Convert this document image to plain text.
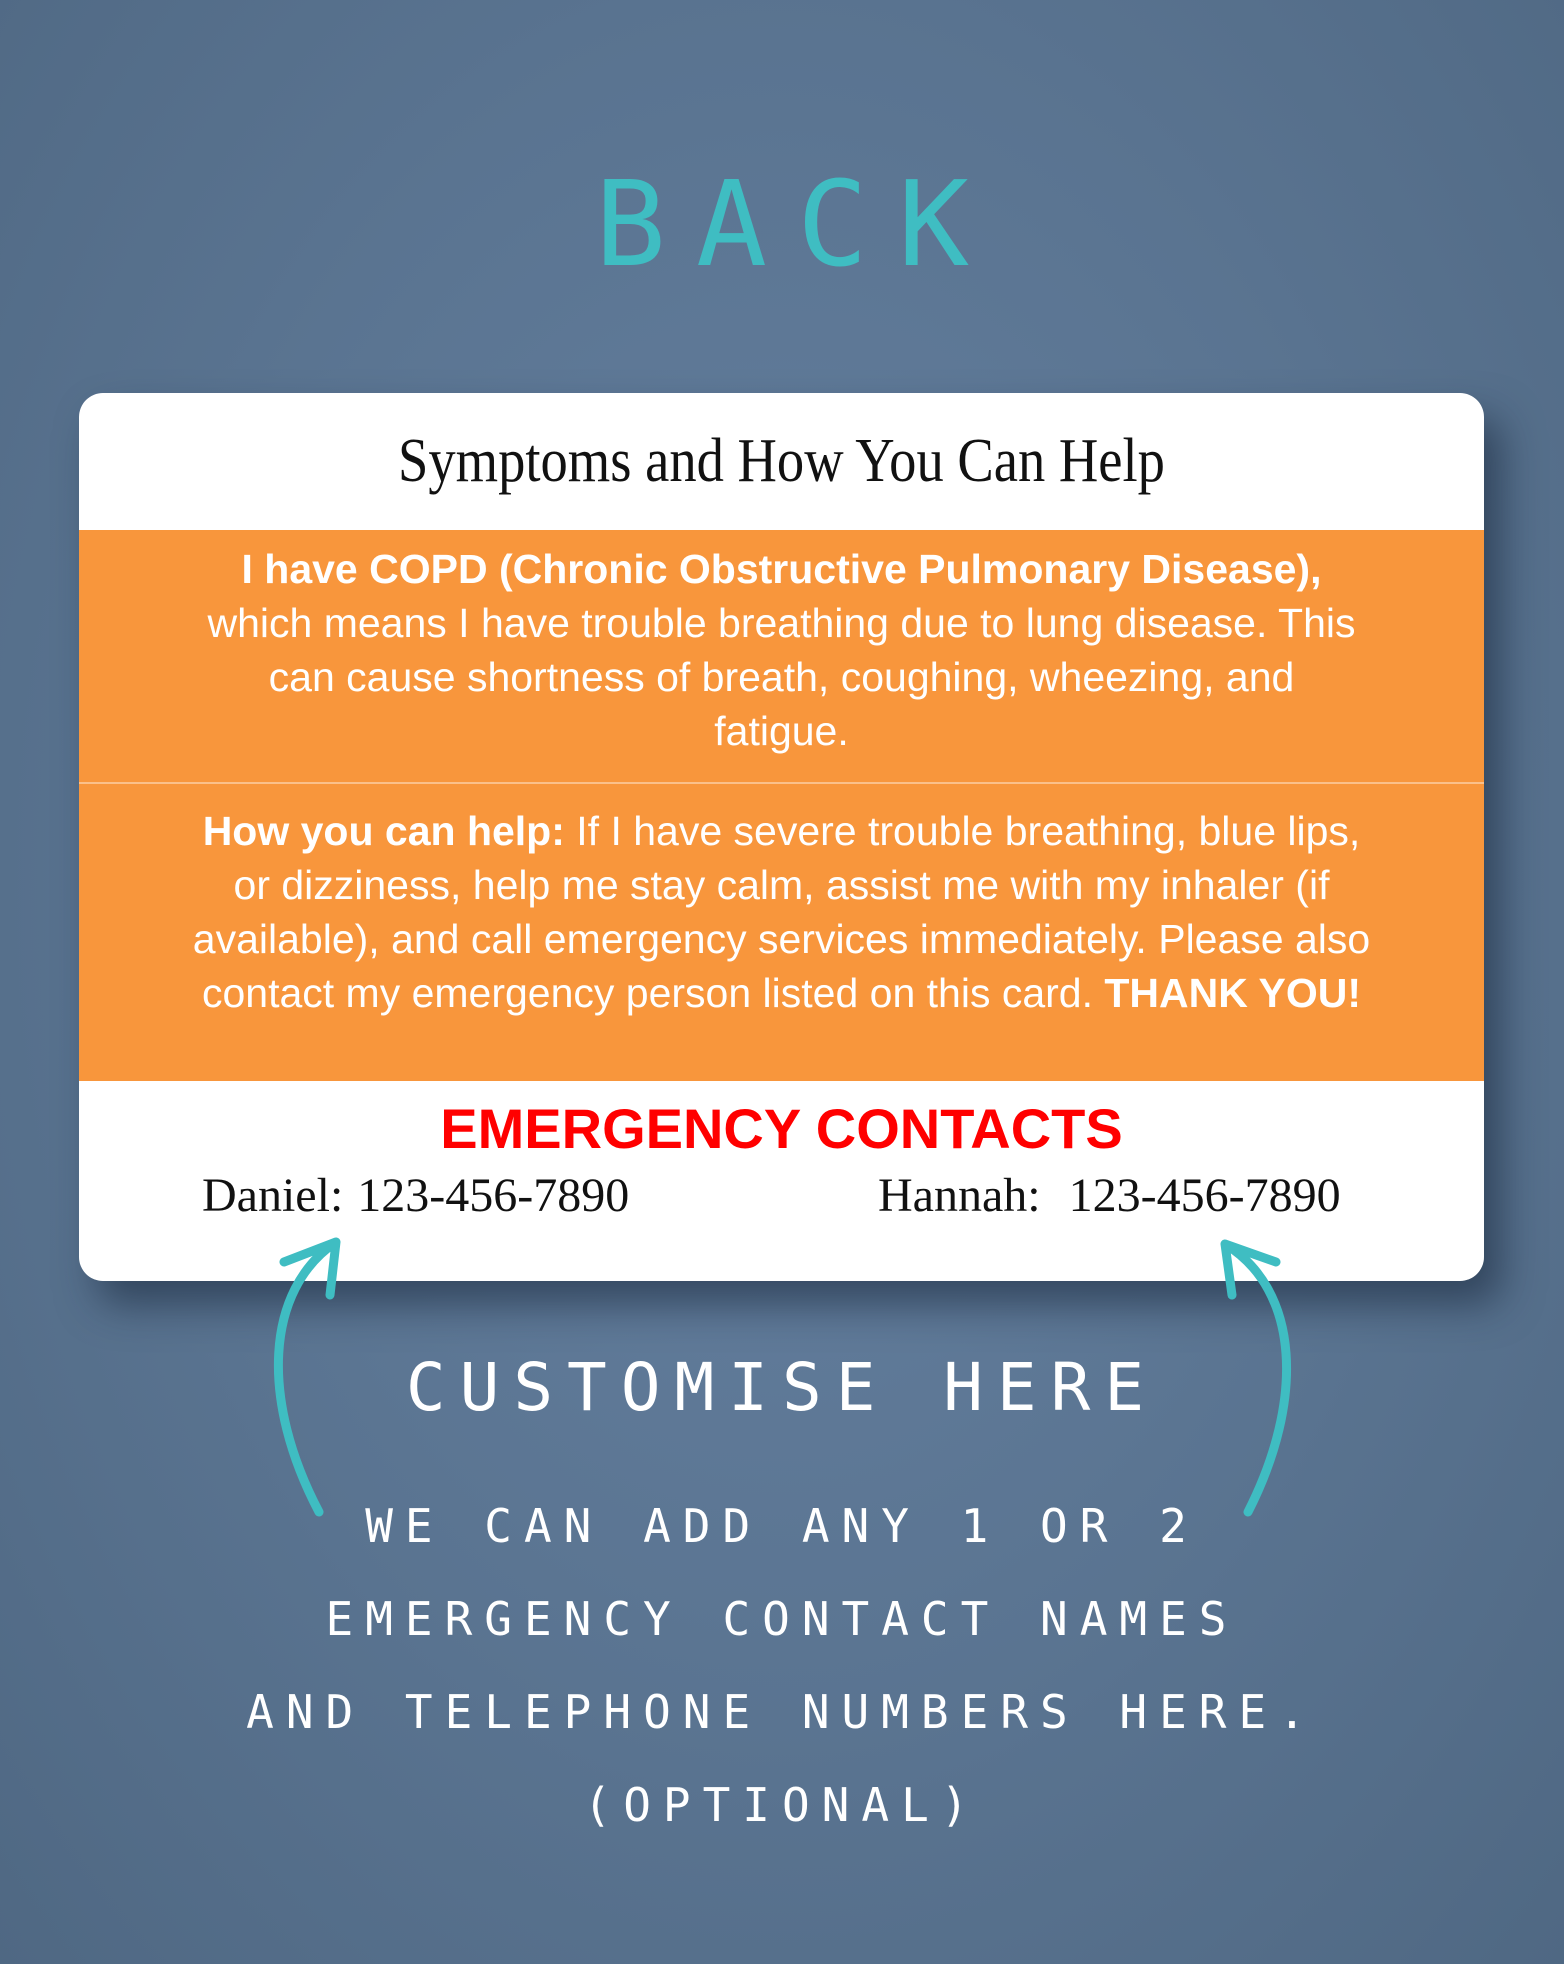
BACK
Symptoms and How You Can Help
I have COPD (Chronic Obstructive Pulmonary Disease), which means I have trouble breathing due to lung disease. This can cause shortness of breath, coughing, wheezing, and fatigue.
How you can help: If I have severe trouble breathing, blue lips, or dizziness, help me stay calm, assist me with my inhaler (if available), and call emergency services immediately. Please also contact my emergency person listed on this card. THANK YOU!
EMERGENCY CONTACTS
Daniel: 123-456-7890	Hannah: 123-456-7890
CUSTOMISE HERE
WE CAN ADD ANY 1 OR 2
EMERGENCY CONTACT NAMES
AND TELEPHONE NUMBERS HERE.
(OPTIONAL)
